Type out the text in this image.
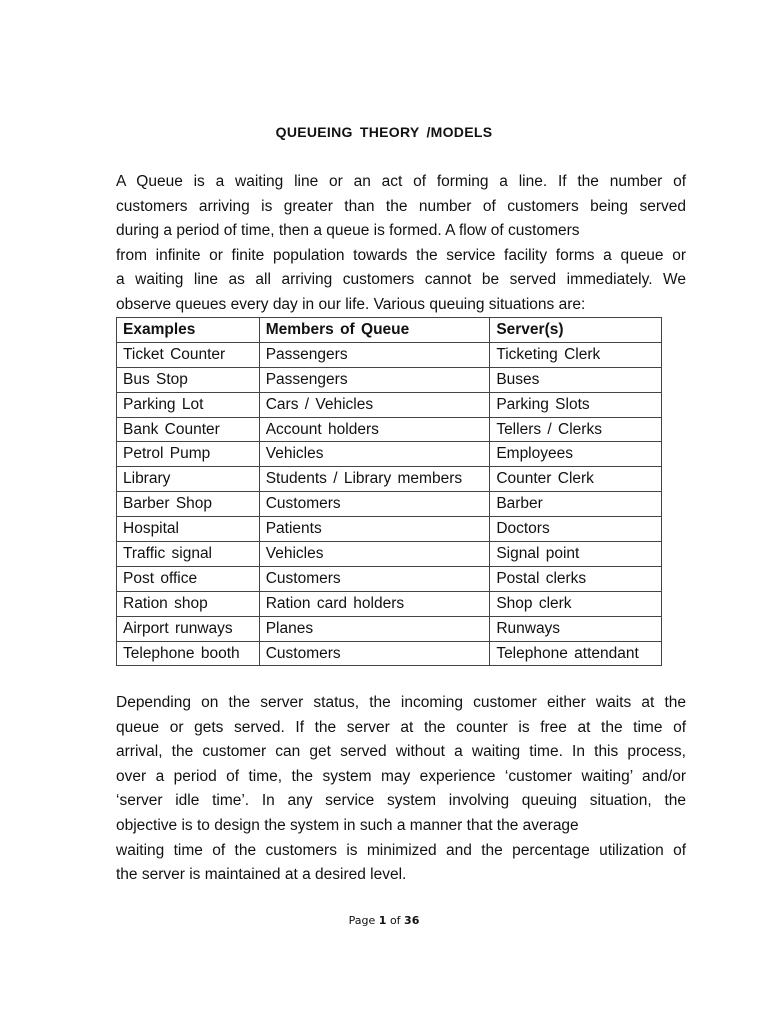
QUEUEING THEORY /MODELS

A Queue is a waiting line or an act of forming a line. If the number of
customers arriving is greater than the number of customers being served
during a period of time, then a queue is formed. A flow of customers
from infinite or finite population towards the service facility forms a queue or
a waiting line as all arriving customers cannot be served immediately. We
observe queues every day in our life. Various queuing situations are:

Examples	Members of Queue	Server(s)
Ticket Counter	Passengers	Ticketing Clerk
Bus Stop	Passengers	Buses
Parking Lot	Cars / Vehicles	Parking Slots
Bank Counter	Account holders	Tellers / Clerks
Petrol Pump	Vehicles	Employees
Library	Students / Library members	Counter Clerk
Barber Shop	Customers	Barber
Hospital	Patients	Doctors
Traffic signal	Vehicles	Signal point
Post office	Customers	Postal clerks
Ration shop	Ration card holders	Shop clerk
Airport runways	Planes	Runways
Telephone booth	Customers	Telephone attendant

Depending on the server status, the incoming customer either waits at the
queue or gets served. If the server at the counter is free at the time of
arrival, the customer can get served without a waiting time. In this process,
over a period of time, the system may experience ‘customer waiting’ and/or
‘server idle time’. In any service system involving queuing situation, the
objective is to design the system in such a manner that the average
waiting time of the customers is minimized and the percentage utilization of
the server is maintained at a desired level.

Page 1 of 36
